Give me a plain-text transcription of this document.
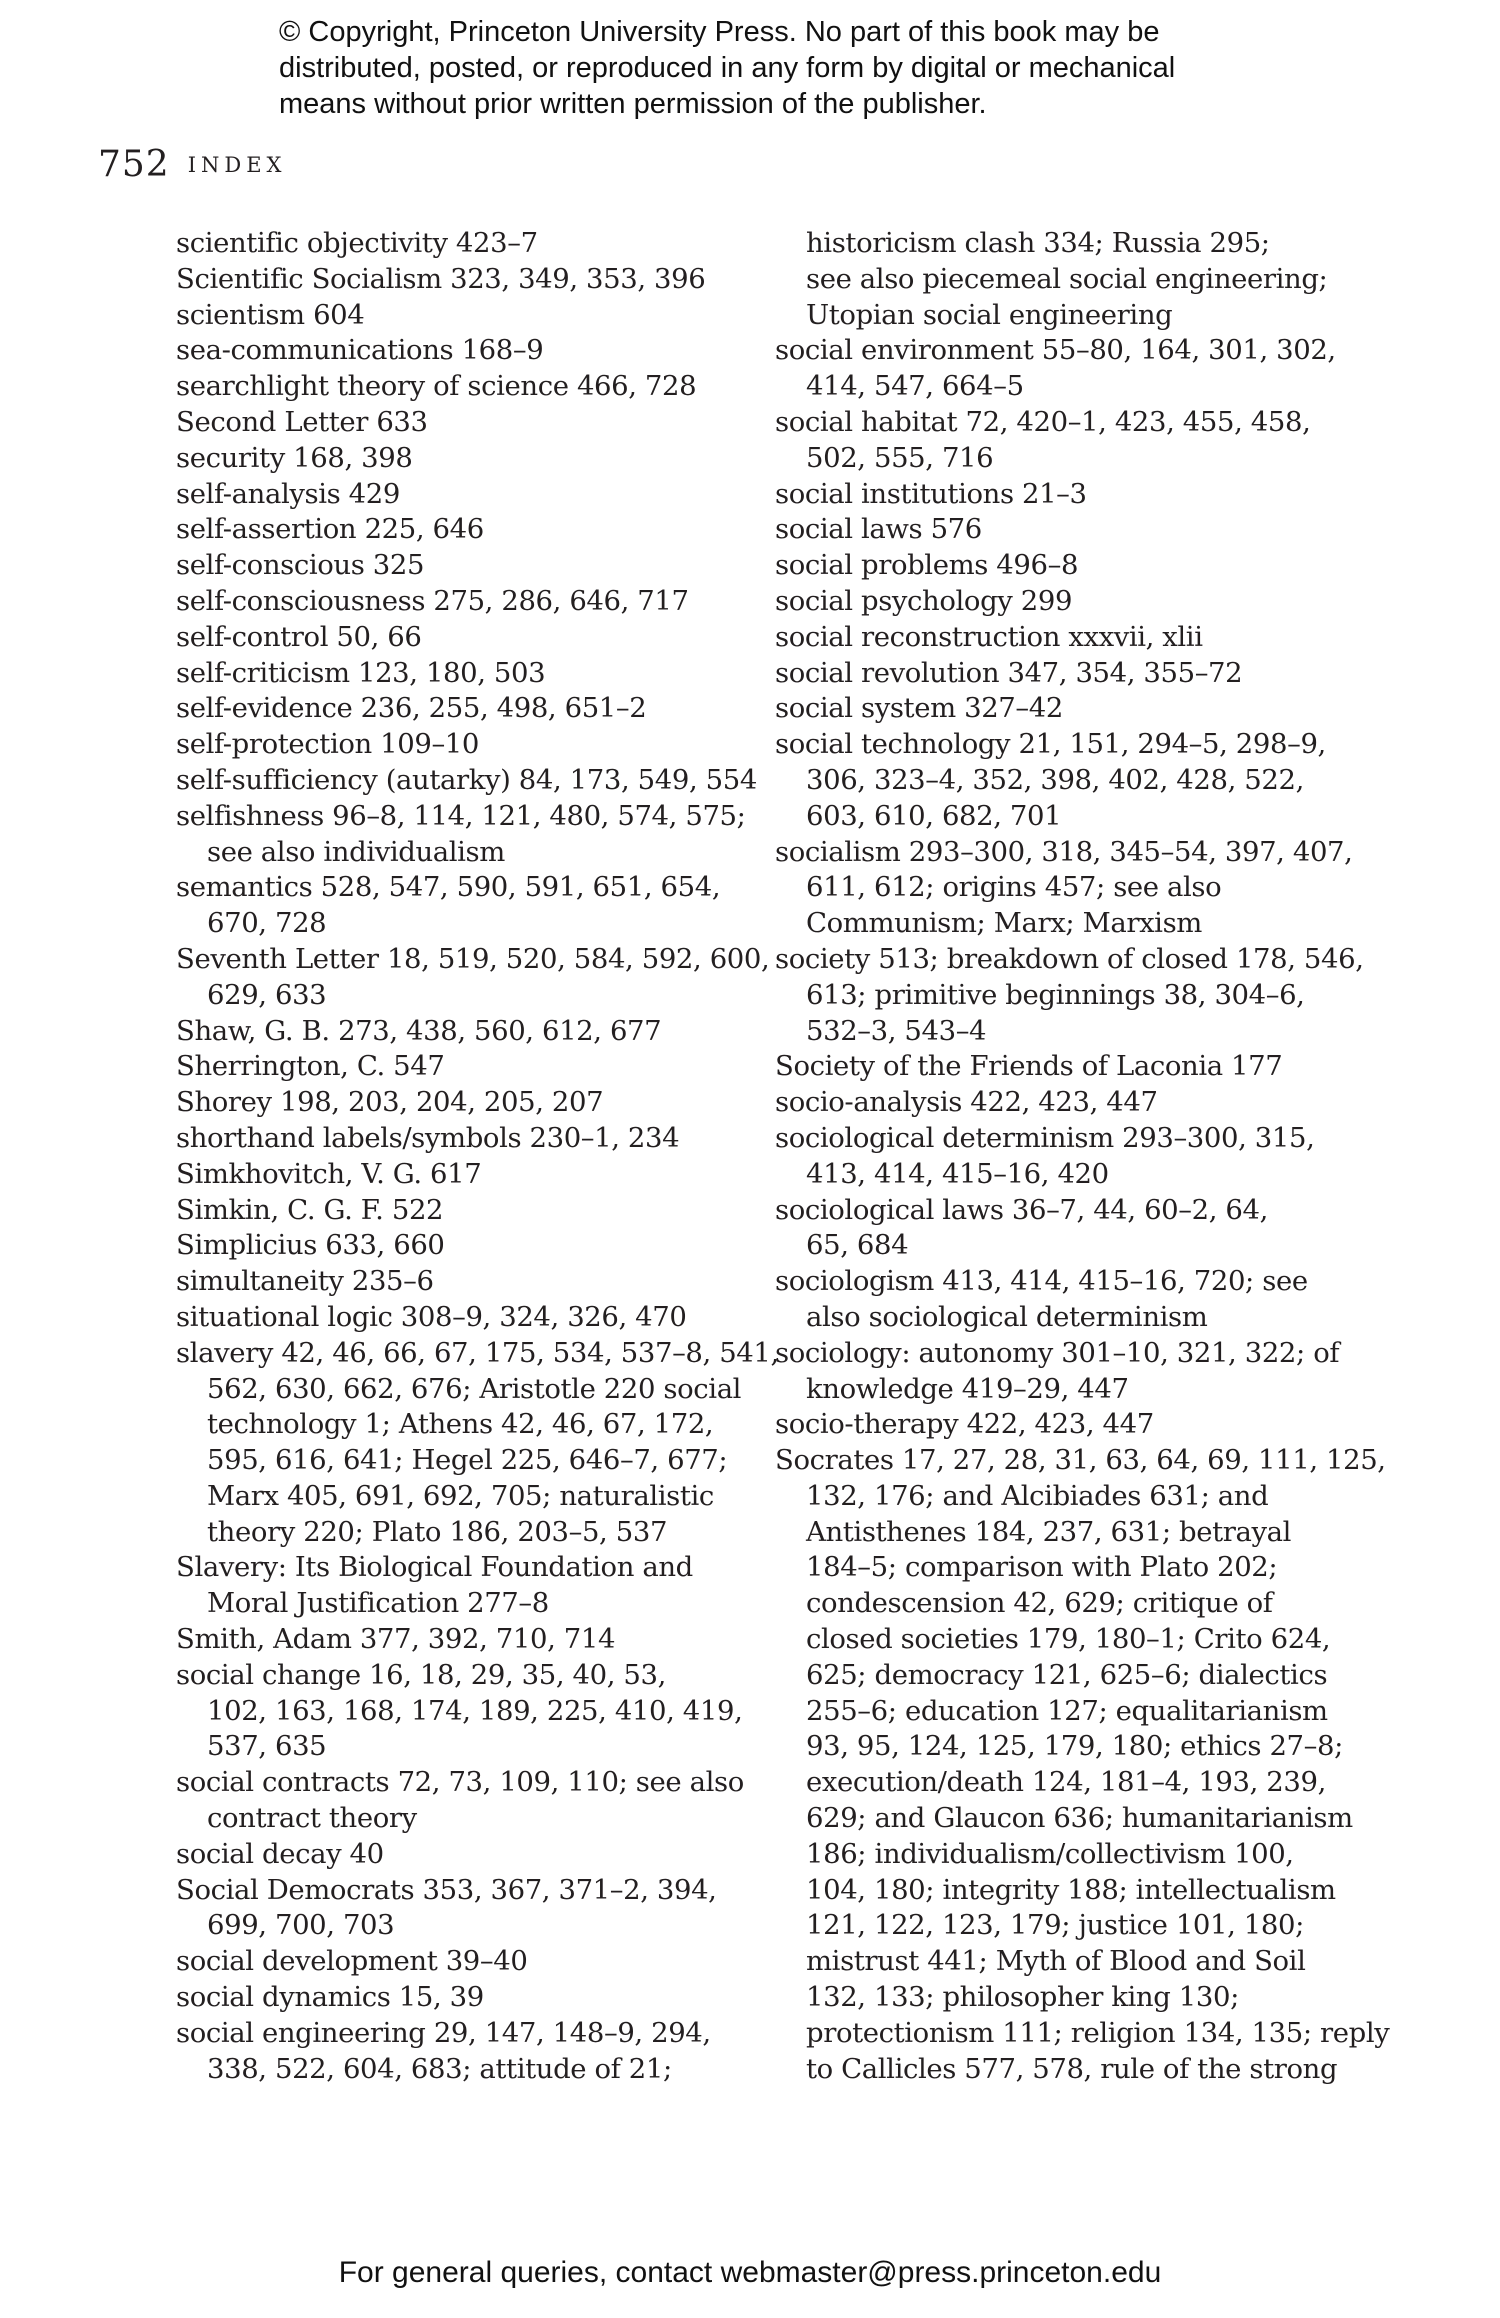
© Copyright, Princeton University Press. No part of this book may be
distributed, posted, or reproduced in any form by digital or mechanical
means without prior written permission of the publisher.
752 INDEX
scientific objectivity 423–7
Scientific Socialism 323, 349, 353, 396
scientism 604
sea-communications 168–9
searchlight theory of science 466, 728
Second Letter 633
security 168, 398
self-analysis 429
self-assertion 225, 646
self-conscious 325
self-consciousness 275, 286, 646, 717
self-control 50, 66
self-criticism 123, 180, 503
self-evidence 236, 255, 498, 651–2
self-protection 109–10
self-sufficiency (autarky) 84, 173, 549, 554
selfishness 96–8, 114, 121, 480, 574, 575;
see also individualism
semantics 528, 547, 590, 591, 651, 654,
670, 728
Seventh Letter 18, 519, 520, 584, 592, 600,
629, 633
Shaw, G. B. 273, 438, 560, 612, 677
Sherrington, C. 547
Shorey 198, 203, 204, 205, 207
shorthand labels/symbols 230–1, 234
Simkhovitch, V. G. 617
Simkin, C. G. F. 522
Simplicius 633, 660
simultaneity 235–6
situational logic 308–9, 324, 326, 470
slavery 42, 46, 66, 67, 175, 534, 537–8, 541,
562, 630, 662, 676; Aristotle 220 social
technology 1; Athens 42, 46, 67, 172,
595, 616, 641; Hegel 225, 646–7, 677;
Marx 405, 691, 692, 705; naturalistic
theory 220; Plato 186, 203–5, 537
Slavery: Its Biological Foundation and
Moral Justification 277–8
Smith, Adam 377, 392, 710, 714
social change 16, 18, 29, 35, 40, 53,
102, 163, 168, 174, 189, 225, 410, 419,
537, 635
social contracts 72, 73, 109, 110; see also
contract theory
social decay 40
Social Democrats 353, 367, 371–2, 394,
699, 700, 703
social development 39–40
social dynamics 15, 39
social engineering 29, 147, 148–9, 294,
338, 522, 604, 683; attitude of 21;
historicism clash 334; Russia 295;
see also piecemeal social engineering;
Utopian social engineering
social environment 55–80, 164, 301, 302,
414, 547, 664–5
social habitat 72, 420–1, 423, 455, 458,
502, 555, 716
social institutions 21–3
social laws 576
social problems 496–8
social psychology 299
social reconstruction xxxvii, xlii
social revolution 347, 354, 355–72
social system 327–42
social technology 21, 151, 294–5, 298–9,
306, 323–4, 352, 398, 402, 428, 522,
603, 610, 682, 701
socialism 293–300, 318, 345–54, 397, 407,
611, 612; origins 457; see also
Communism; Marx; Marxism
society 513; breakdown of closed 178, 546,
613; primitive beginnings 38, 304–6,
532–3, 543–4
Society of the Friends of Laconia 177
socio-analysis 422, 423, 447
sociological determinism 293–300, 315,
413, 414, 415–16, 420
sociological laws 36–7, 44, 60–2, 64,
65, 684
sociologism 413, 414, 415–16, 720; see
also sociological determinism
sociology: autonomy 301–10, 321, 322; of
knowledge 419–29, 447
socio-therapy 422, 423, 447
Socrates 17, 27, 28, 31, 63, 64, 69, 111, 125,
132, 176; and Alcibiades 631; and
Antisthenes 184, 237, 631; betrayal
184–5; comparison with Plato 202;
condescension 42, 629; critique of
closed societies 179, 180–1; Crito 624,
625; democracy 121, 625–6; dialectics
255–6; education 127; equalitarianism
93, 95, 124, 125, 179, 180; ethics 27–8;
execution/death 124, 181–4, 193, 239,
629; and Glaucon 636; humanitarianism
186; individualism/collectivism 100,
104, 180; integrity 188; intellectualism
121, 122, 123, 179; justice 101, 180;
mistrust 441; Myth of Blood and Soil
132, 133; philosopher king 130;
protectionism 111; religion 134, 135; reply
to Callicles 577, 578, rule of the strong
For general queries, contact webmaster@press.princeton.edu
